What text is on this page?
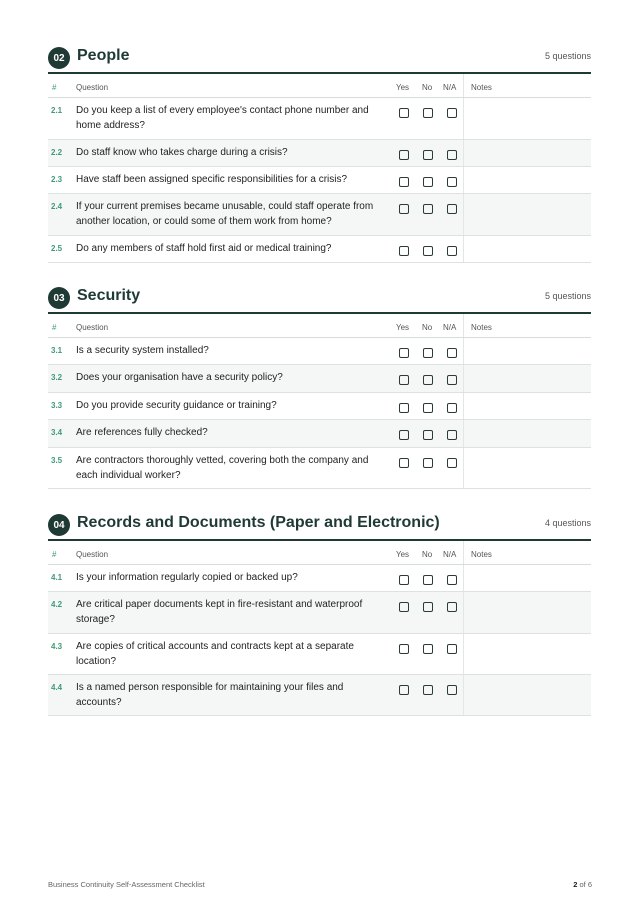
02 People	5 questions
# Question	Yes No N/A Notes
2.1 Do you keep a list of every employee's contact phone number and home address?
2.2 Do staff know who takes charge during a crisis?
2.3 Have staff been assigned specific responsibilities for a crisis?
2.4 If your current premises became unusable, could staff operate from another location, or could some of them work from home?
2.5 Do any members of staff hold first aid or medical training?
03 Security	5 questions
# Question	Yes No N/A Notes
3.1 Is a security system installed?
3.2 Does your organisation have a security policy?
3.3 Do you provide security guidance or training?
3.4 Are references fully checked?
3.5 Are contractors thoroughly vetted, covering both the company and each individual worker?
04 Records and Documents (Paper and Electronic)	4 questions
# Question	Yes No N/A Notes
4.1 Is your information regularly copied or backed up?
4.2 Are critical paper documents kept in fire-resistant and waterproof storage?
4.3 Are copies of critical accounts and contracts kept at a separate location?
4.4 Is a named person responsible for maintaining your files and accounts?
Business Continuity Self-Assessment Checklist	2 of 6
